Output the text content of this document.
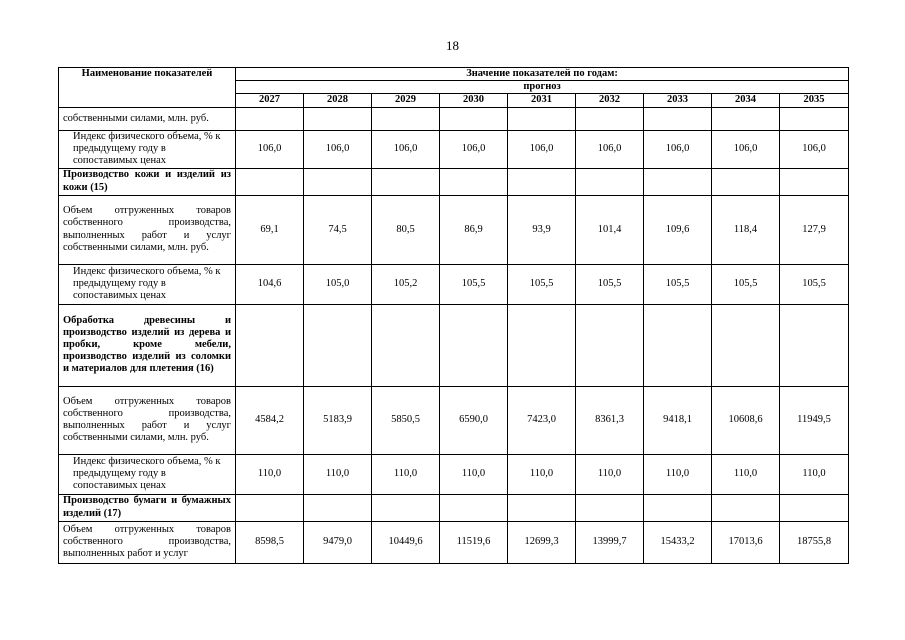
18
Наименование показателей	Значение показателей по годам:								
	прогноз								
	2027	2028	2029	2030	2031	2032	2033	2034	2035
собственными силами, млн. руб.									
Индекс физического объема, % к предыдущему году в сопоставимых ценах	106,0	106,0	106,0	106,0	106,0	106,0	106,0	106,0	106,0
Производство кожи и изделий из кожи (15)									
Объем отгруженных товаров собственного производства, выполненных работ и услуг собственными силами, млн. руб.	69,1	74,5	80,5	86,9	93,9	101,4	109,6	118,4	127,9
Индекс физического объема, % к предыдущему году в сопоставимых ценах	104,6	105,0	105,2	105,5	105,5	105,5	105,5	105,5	105,5
Обработка древесины и производство изделий из дерева и пробки, кроме мебели, производство изделий из соломки и материалов для плетения (16)									
Объем отгруженных товаров собственного производства, выполненных работ и услуг собственными силами, млн. руб.	4584,2	5183,9	5850,5	6590,0	7423,0	8361,3	9418,1	10608,6	11949,5
Индекс физического объема, % к предыдущему году в сопоставимых ценах	110,0	110,0	110,0	110,0	110,0	110,0	110,0	110,0	110,0
Производство бумаги и бумажных изделий (17)									
Объем отгруженных товаров собственного производства, выполненных работ и услуг	8598,5	9479,0	10449,6	11519,6	12699,3	13999,7	15433,2	17013,6	18755,8
